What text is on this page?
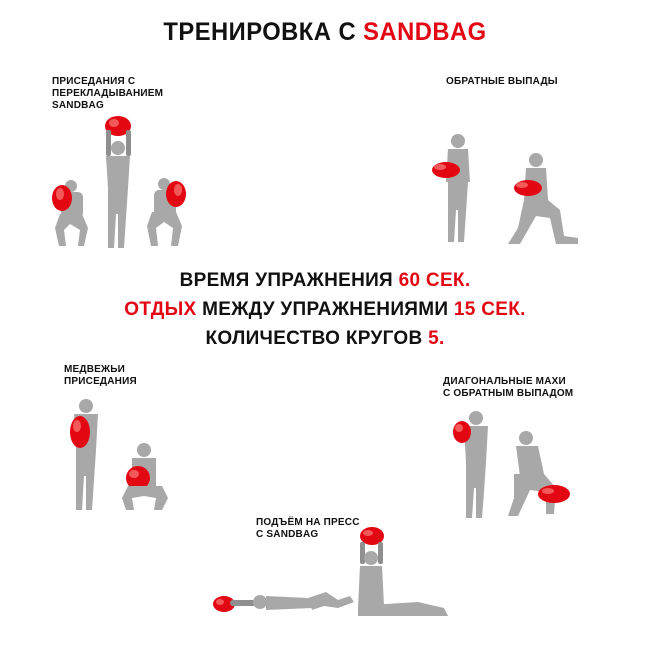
ТРЕНИРОВКА С SANDBAG
ПРИСЕДАНИЯ С
ПЕРЕКЛАДЫВАНИЕМ
SANDBAG
ОБРАТНЫЕ ВЫПАДЫ
МЕДВЕЖЬИ
ПРИСЕДАНИЯ	ДИАГОНАЛЬНЫЕ МАХИ
С ОБРАТНЫМ ВЫПАДОМ
ПОДЪЁМ НА ПРЕСС
С SANDBAG
ВРЕМЯ УПРАЖНЕНИЯ 60 СЕК.
ОТДЫХ МЕЖДУ УПРАЖНЕНИЯМИ 15 СЕК.
КОЛИЧЕСТВО КРУГОВ 5.
